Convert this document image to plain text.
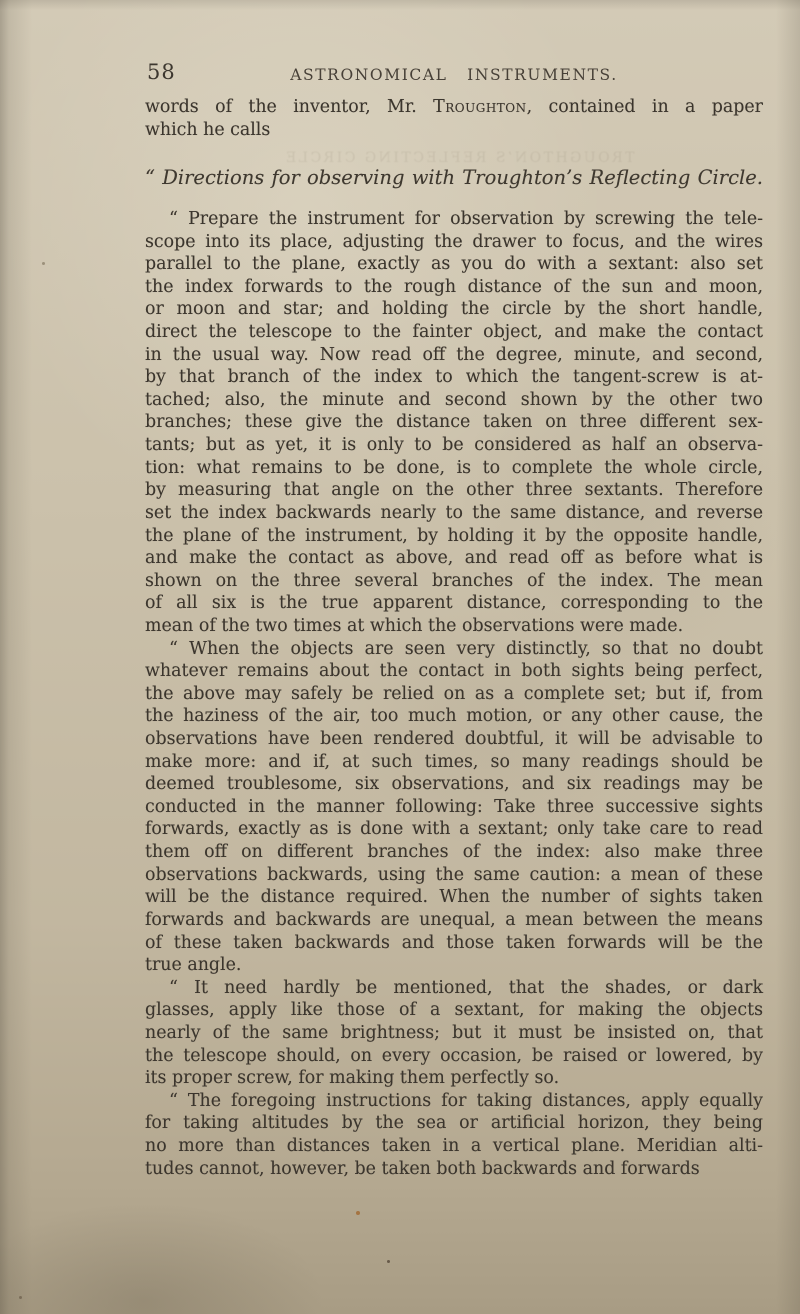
TROUGHTON’S REFLECTING CIRCLE
58	ASTRONOMICAL INSTRUMENTS.
words of the inventor, Mr. Troughton, contained in a paper
which he calls
“ Directions for observing with Troughton’s Reflecting Circle.
“ Prepare the instrument for observation by screwing the tele-
scope into its place, adjusting the drawer to focus, and the wires
parallel to the plane, exactly as you do with a sextant: also set
the index forwards to the rough distance of the sun and moon,
or moon and star; and holding the circle by the short handle,
direct the telescope to the fainter object, and make the contact
in the usual way. Now read off the degree, minute, and second,
by that branch of the index to which the tangent-screw is at-
tached; also, the minute and second shown by the other two
branches; these give the distance taken on three different sex-
tants; but as yet, it is only to be considered as half an observa-
tion: what remains to be done, is to complete the whole circle,
by measuring that angle on the other three sextants. Therefore
set the index backwards nearly to the same distance, and reverse
the plane of the instrument, by holding it by the opposite handle,
and make the contact as above, and read off as before what is
shown on the three several branches of the index. The mean
of all six is the true apparent distance, corresponding to the
mean of the two times at which the observations were made.
“ When the objects are seen very distinctly, so that no doubt
whatever remains about the contact in both sights being perfect,
the above may safely be relied on as a complete set; but if, from
the haziness of the air, too much motion, or any other cause, the
observations have been rendered doubtful, it will be advisable to
make more: and if, at such times, so many readings should be
deemed troublesome, six observations, and six readings may be
conducted in the manner following: Take three successive sights
forwards, exactly as is done with a sextant; only take care to read
them off on different branches of the index: also make three
observations backwards, using the same caution: a mean of these
will be the distance required. When the number of sights taken
forwards and backwards are unequal, a mean between the means
of these taken backwards and those taken forwards will be the
true angle.
“ It need hardly be mentioned, that the shades, or dark
glasses, apply like those of a sextant, for making the objects
nearly of the same brightness; but it must be insisted on, that
the telescope should, on every occasion, be raised or lowered, by
its proper screw, for making them perfectly so.
“ The foregoing instructions for taking distances, apply equally
for taking altitudes by the sea or artificial horizon, they being
no more than distances taken in a vertical plane. Meridian alti-
tudes cannot, however, be taken both backwards and forwards
